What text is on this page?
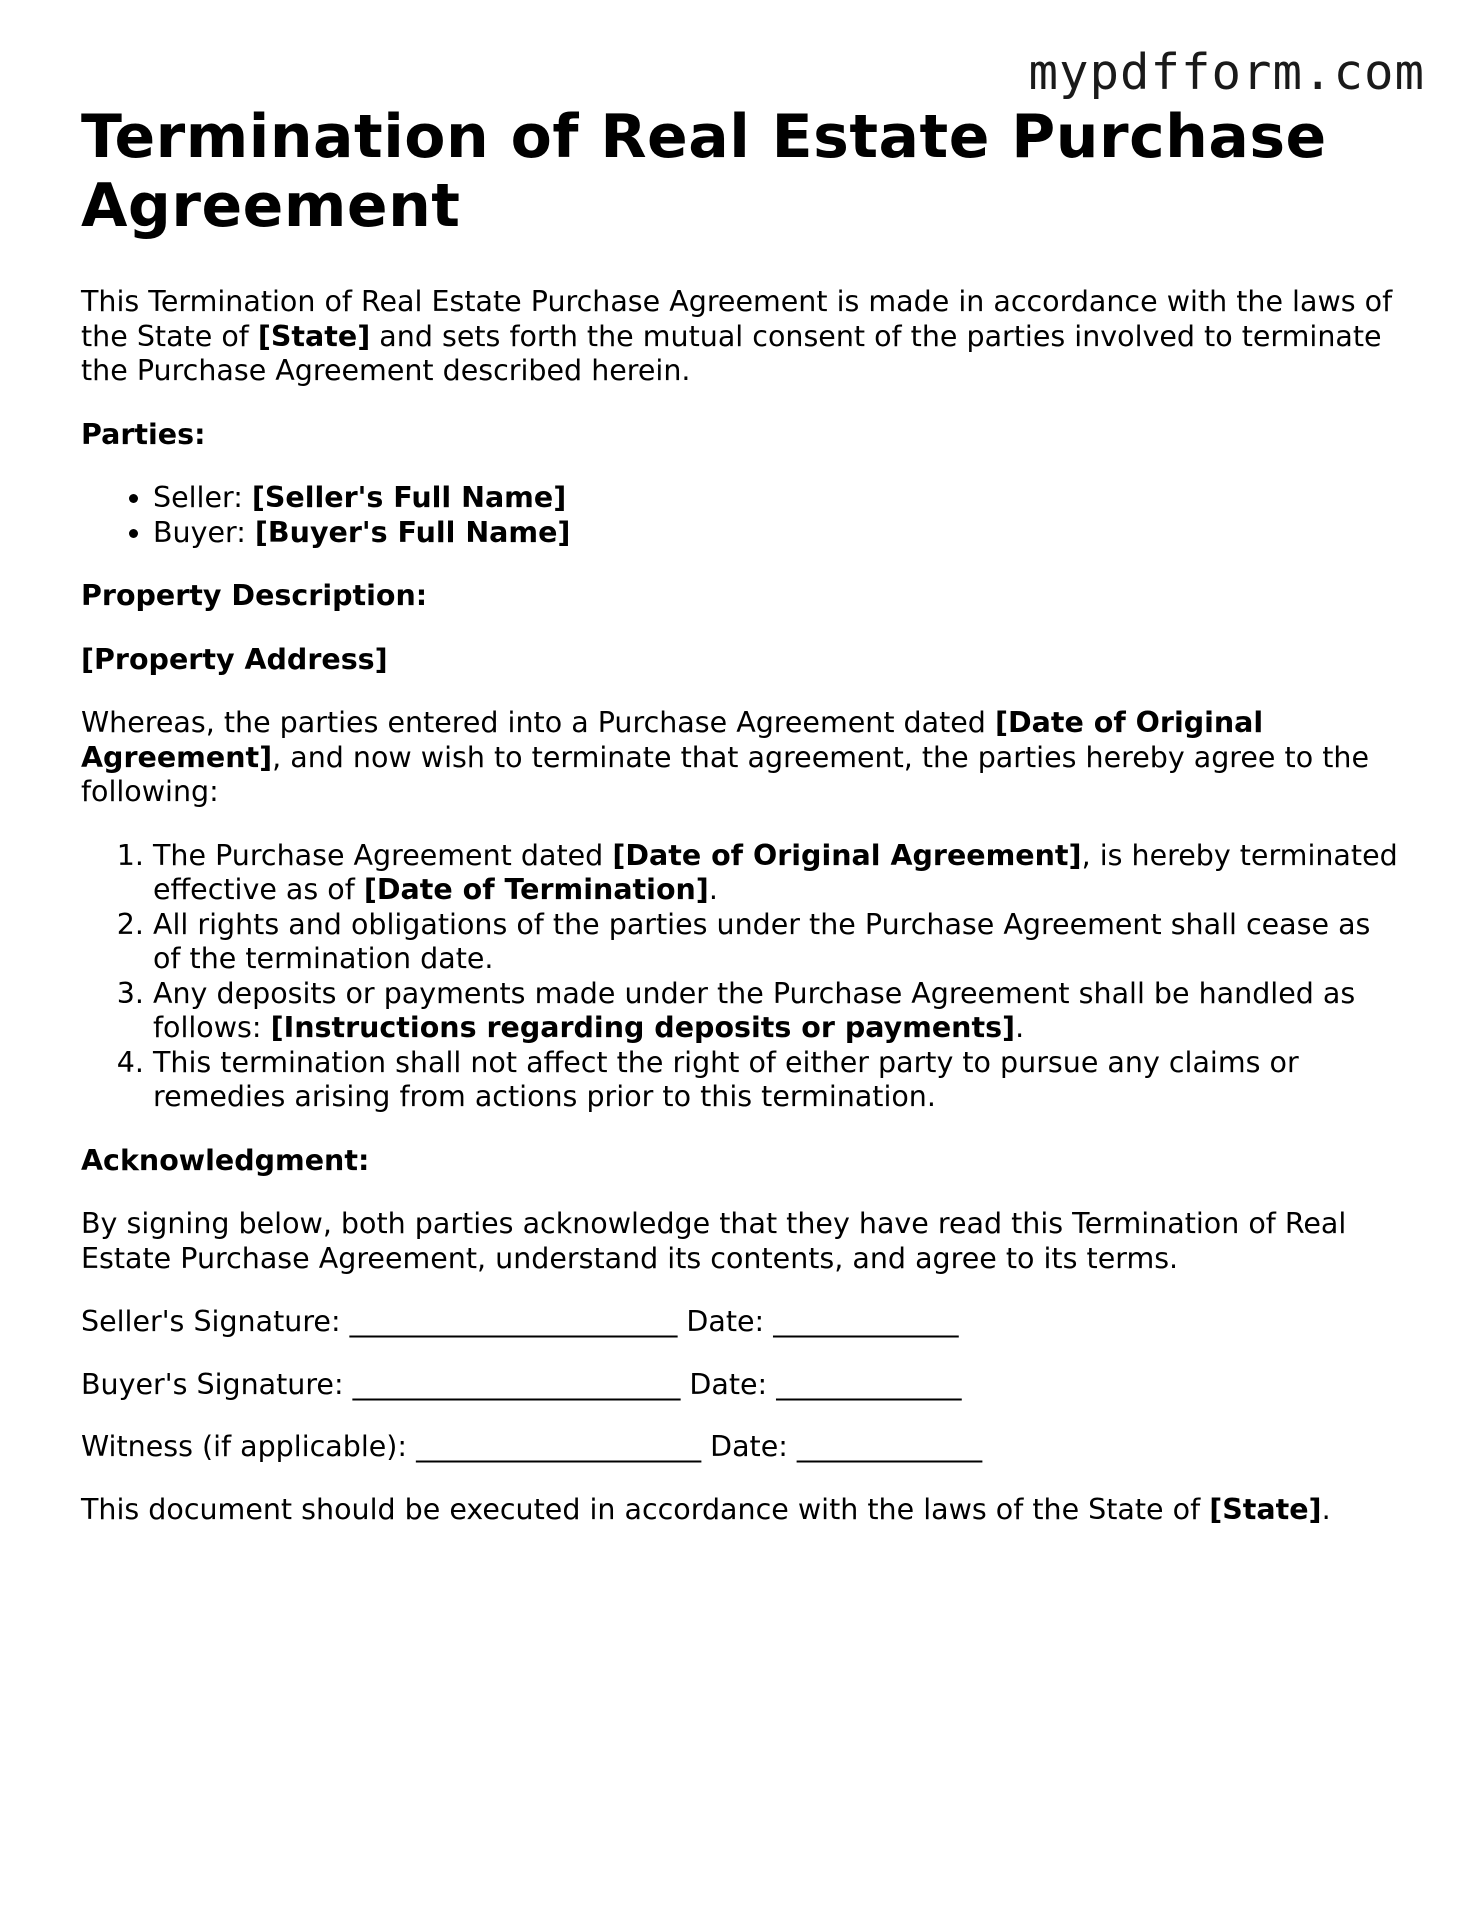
mypdfform.com
Termination of Real Estate Purchase Agreement

This Termination of Real Estate Purchase Agreement is made in accordance with the laws of the State of [State] and sets forth the mutual consent of the parties involved to terminate the Purchase Agreement described herein.

Parties:

• Seller: [Seller's Full Name]
• Buyer: [Buyer's Full Name]

Property Description:

[Property Address]

Whereas, the parties entered into a Purchase Agreement dated [Date of Original Agreement], and now wish to terminate that agreement, the parties hereby agree to the following:

1. The Purchase Agreement dated [Date of Original Agreement], is hereby terminated effective as of [Date of Termination].
2. All rights and obligations of the parties under the Purchase Agreement shall cease as of the termination date.
3. Any deposits or payments made under the Purchase Agreement shall be handled as follows: [Instructions regarding deposits or payments].
4. This termination shall not affect the right of either party to pursue any claims or remedies arising from actions prior to this termination.

Acknowledgment:

By signing below, both parties acknowledge that they have read this Termination of Real Estate Purchase Agreement, understand its contents, and agree to its terms.

Seller's Signature: _______________________ Date: _____________

Buyer's Signature: _______________________ Date: _____________

Witness (if applicable): ____________________ Date: _____________

This document should be executed in accordance with the laws of the State of [State].
